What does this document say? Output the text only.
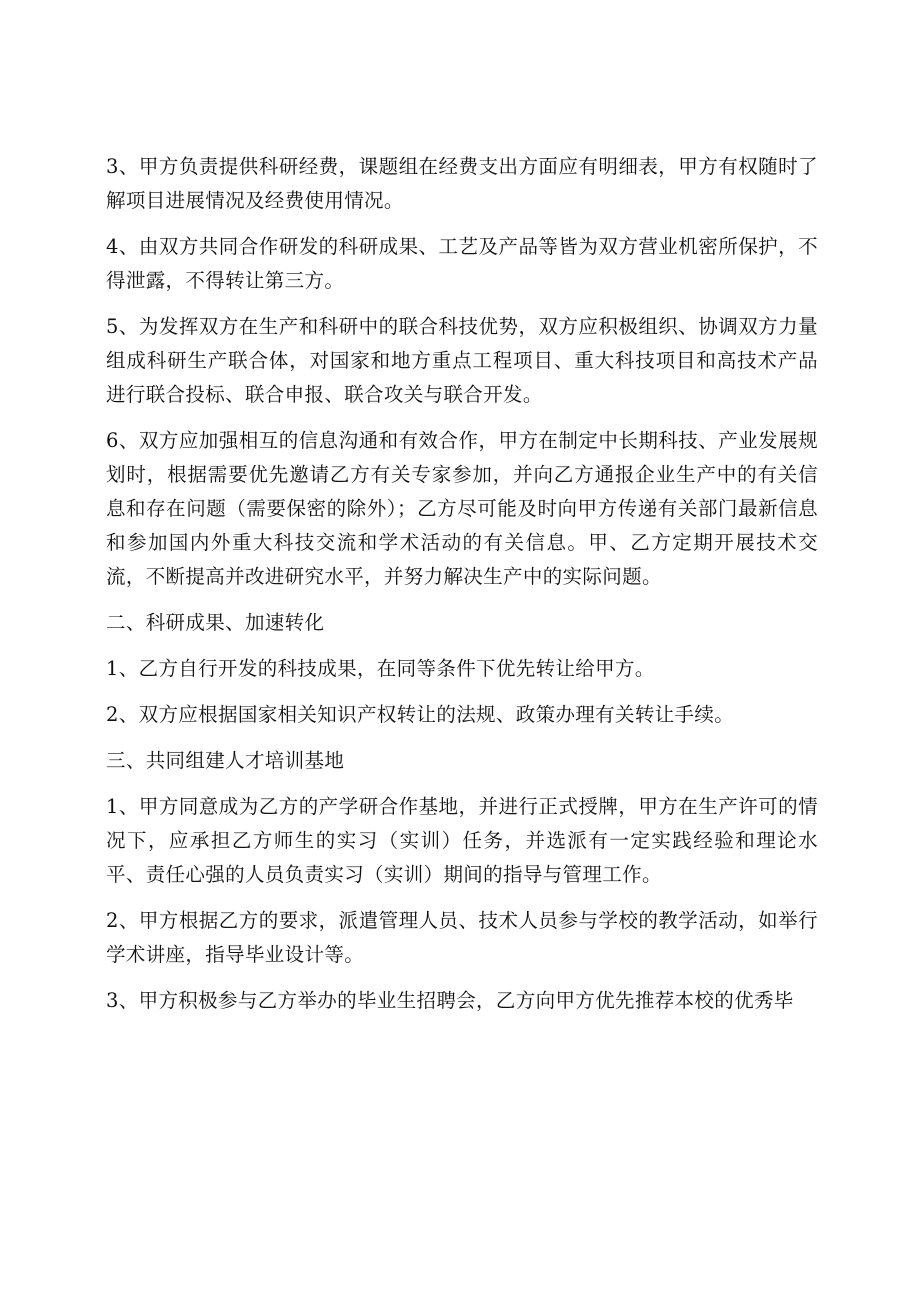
3、甲方负责提供科研经费，课题组在经费支出方面应有明细表，甲方有权随时了解项目进展情况及经费使用情况。

4、由双方共同合作研发的科研成果、工艺及产品等皆为双方营业机密所保护，不得泄露，不得转让第三方。

5、为发挥双方在生产和科研中的联合科技优势，双方应积极组织、协调双方力量组成科研生产联合体，对国家和地方重点工程项目、重大科技项目和高技术产品进行联合投标、联合申报、联合攻关与联合开发。

6、双方应加强相互的信息沟通和有效合作，甲方在制定中长期科技、产业发展规划时，根据需要优先邀请乙方有关专家参加，并向乙方通报企业生产中的有关信息和存在问题（需要保密的除外）；乙方尽可能及时向甲方传递有关部门最新信息和参加国内外重大科技交流和学术活动的有关信息。甲、乙方定期开展技术交流，不断提高并改进研究水平，并努力解决生产中的实际问题。

二、科研成果、加速转化

1、乙方自行开发的科技成果，在同等条件下优先转让给甲方。

2、双方应根据国家相关知识产权转让的法规、政策办理有关转让手续。

三、共同组建人才培训基地

1、甲方同意成为乙方的产学研合作基地，并进行正式授牌，甲方在生产许可的情况下，应承担乙方师生的实习（实训）任务，并选派有一定实践经验和理论水平、责任心强的人员负责实习（实训）期间的指导与管理工作。

2、甲方根据乙方的要求，派遣管理人员、技术人员参与学校的教学活动，如举行学术讲座，指导毕业设计等。

3、甲方积极参与乙方举办的毕业生招聘会，乙方向甲方优先推荐本校的优秀毕
